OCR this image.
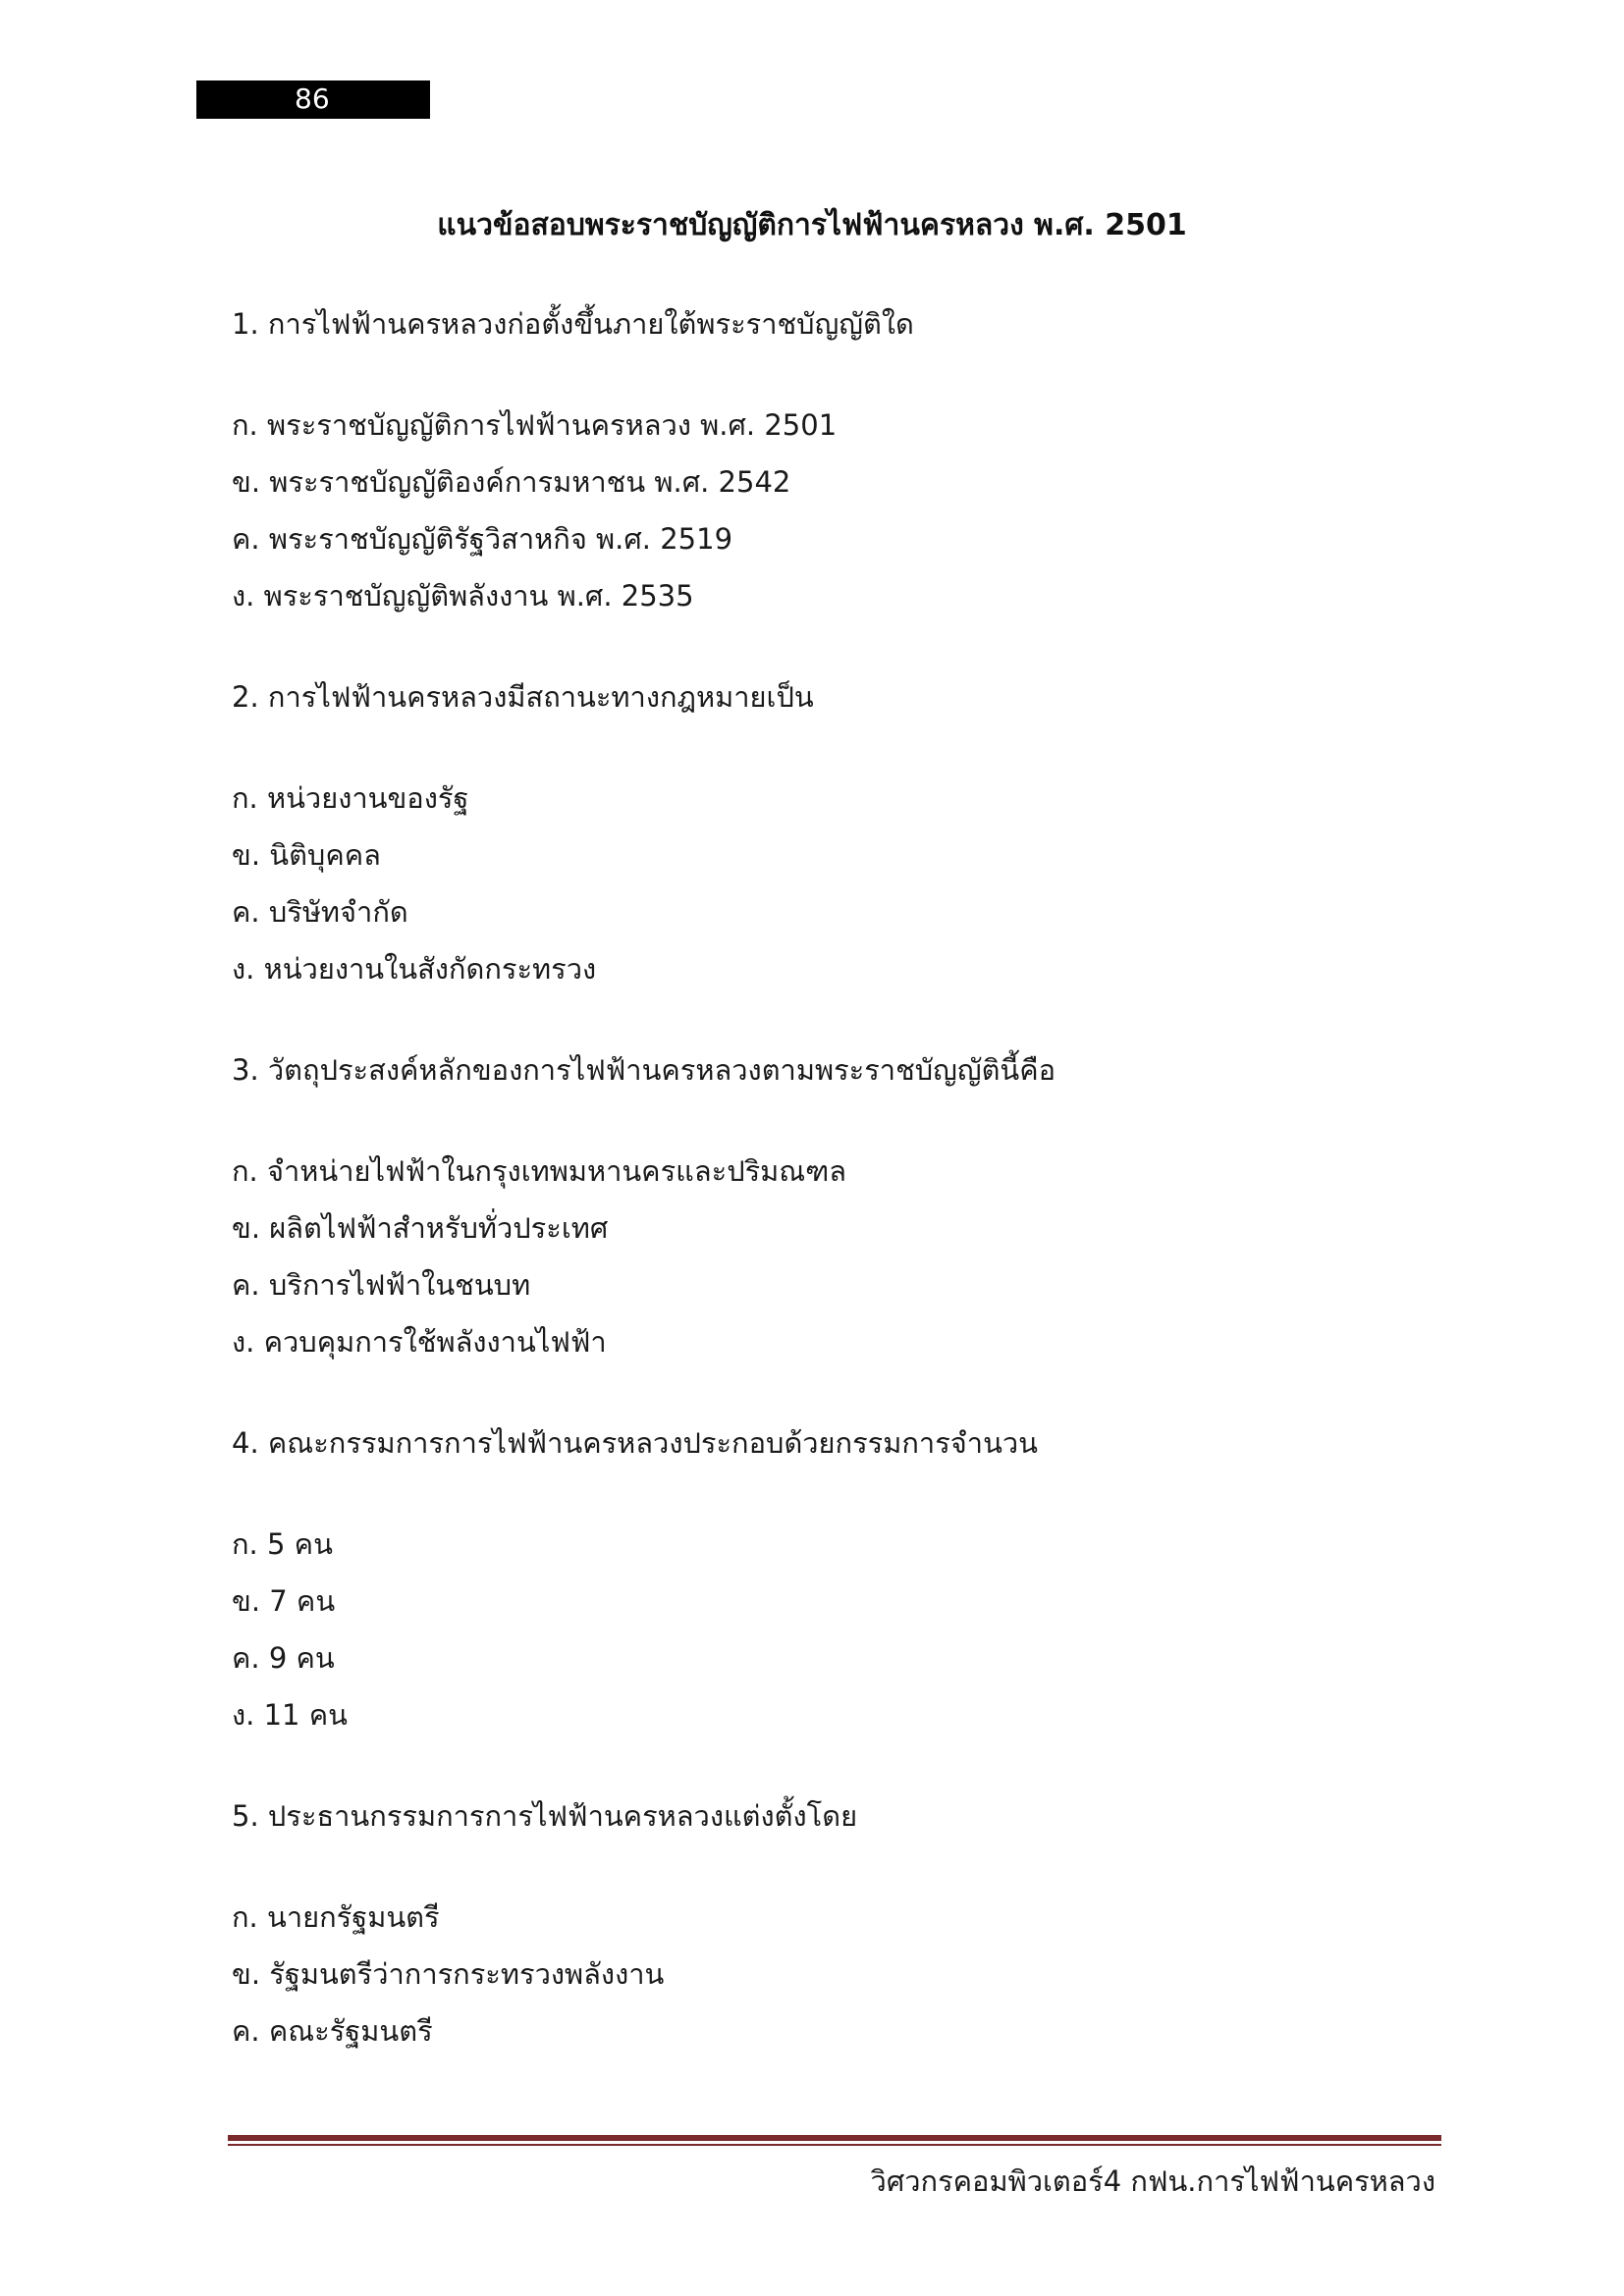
86
แนวข้อสอบพระราชบัญญัติการไฟฟ้านครหลวง พ.ศ. 2501
1. การไฟฟ้านครหลวงก่อตั้งขึ้นภายใต้พระราชบัญญัติใด
ก. พระราชบัญญัติการไฟฟ้านครหลวง พ.ศ. 2501
ข. พระราชบัญญัติองค์การมหาชน พ.ศ. 2542
ค. พระราชบัญญัติรัฐวิสาหกิจ พ.ศ. 2519
ง. พระราชบัญญัติพลังงาน พ.ศ. 2535
2. การไฟฟ้านครหลวงมีสถานะทางกฎหมายเป็น
ก. หน่วยงานของรัฐ
ข. นิติบุคคล
ค. บริษัทจำกัด
ง. หน่วยงานในสังกัดกระทรวง
3. วัตถุประสงค์หลักของการไฟฟ้านครหลวงตามพระราชบัญญัตินี้คือ
ก. จำหน่ายไฟฟ้าในกรุงเทพมหานครและปริมณฑล
ข. ผลิตไฟฟ้าสำหรับทั่วประเทศ
ค. บริการไฟฟ้าในชนบท
ง. ควบคุมการใช้พลังงานไฟฟ้า
4. คณะกรรมการการไฟฟ้านครหลวงประกอบด้วยกรรมการจำนวน
ก. 5 คน
ข. 7 คน
ค. 9 คน
ง. 11 คน
5. ประธานกรรมการการไฟฟ้านครหลวงแต่งตั้งโดย
ก. นายกรัฐมนตรี
ข. รัฐมนตรีว่าการกระทรวงพลังงาน
ค. คณะรัฐมนตรี
วิศวกรคอมพิวเตอร์4 กฟน.การไฟฟ้านครหลวง
